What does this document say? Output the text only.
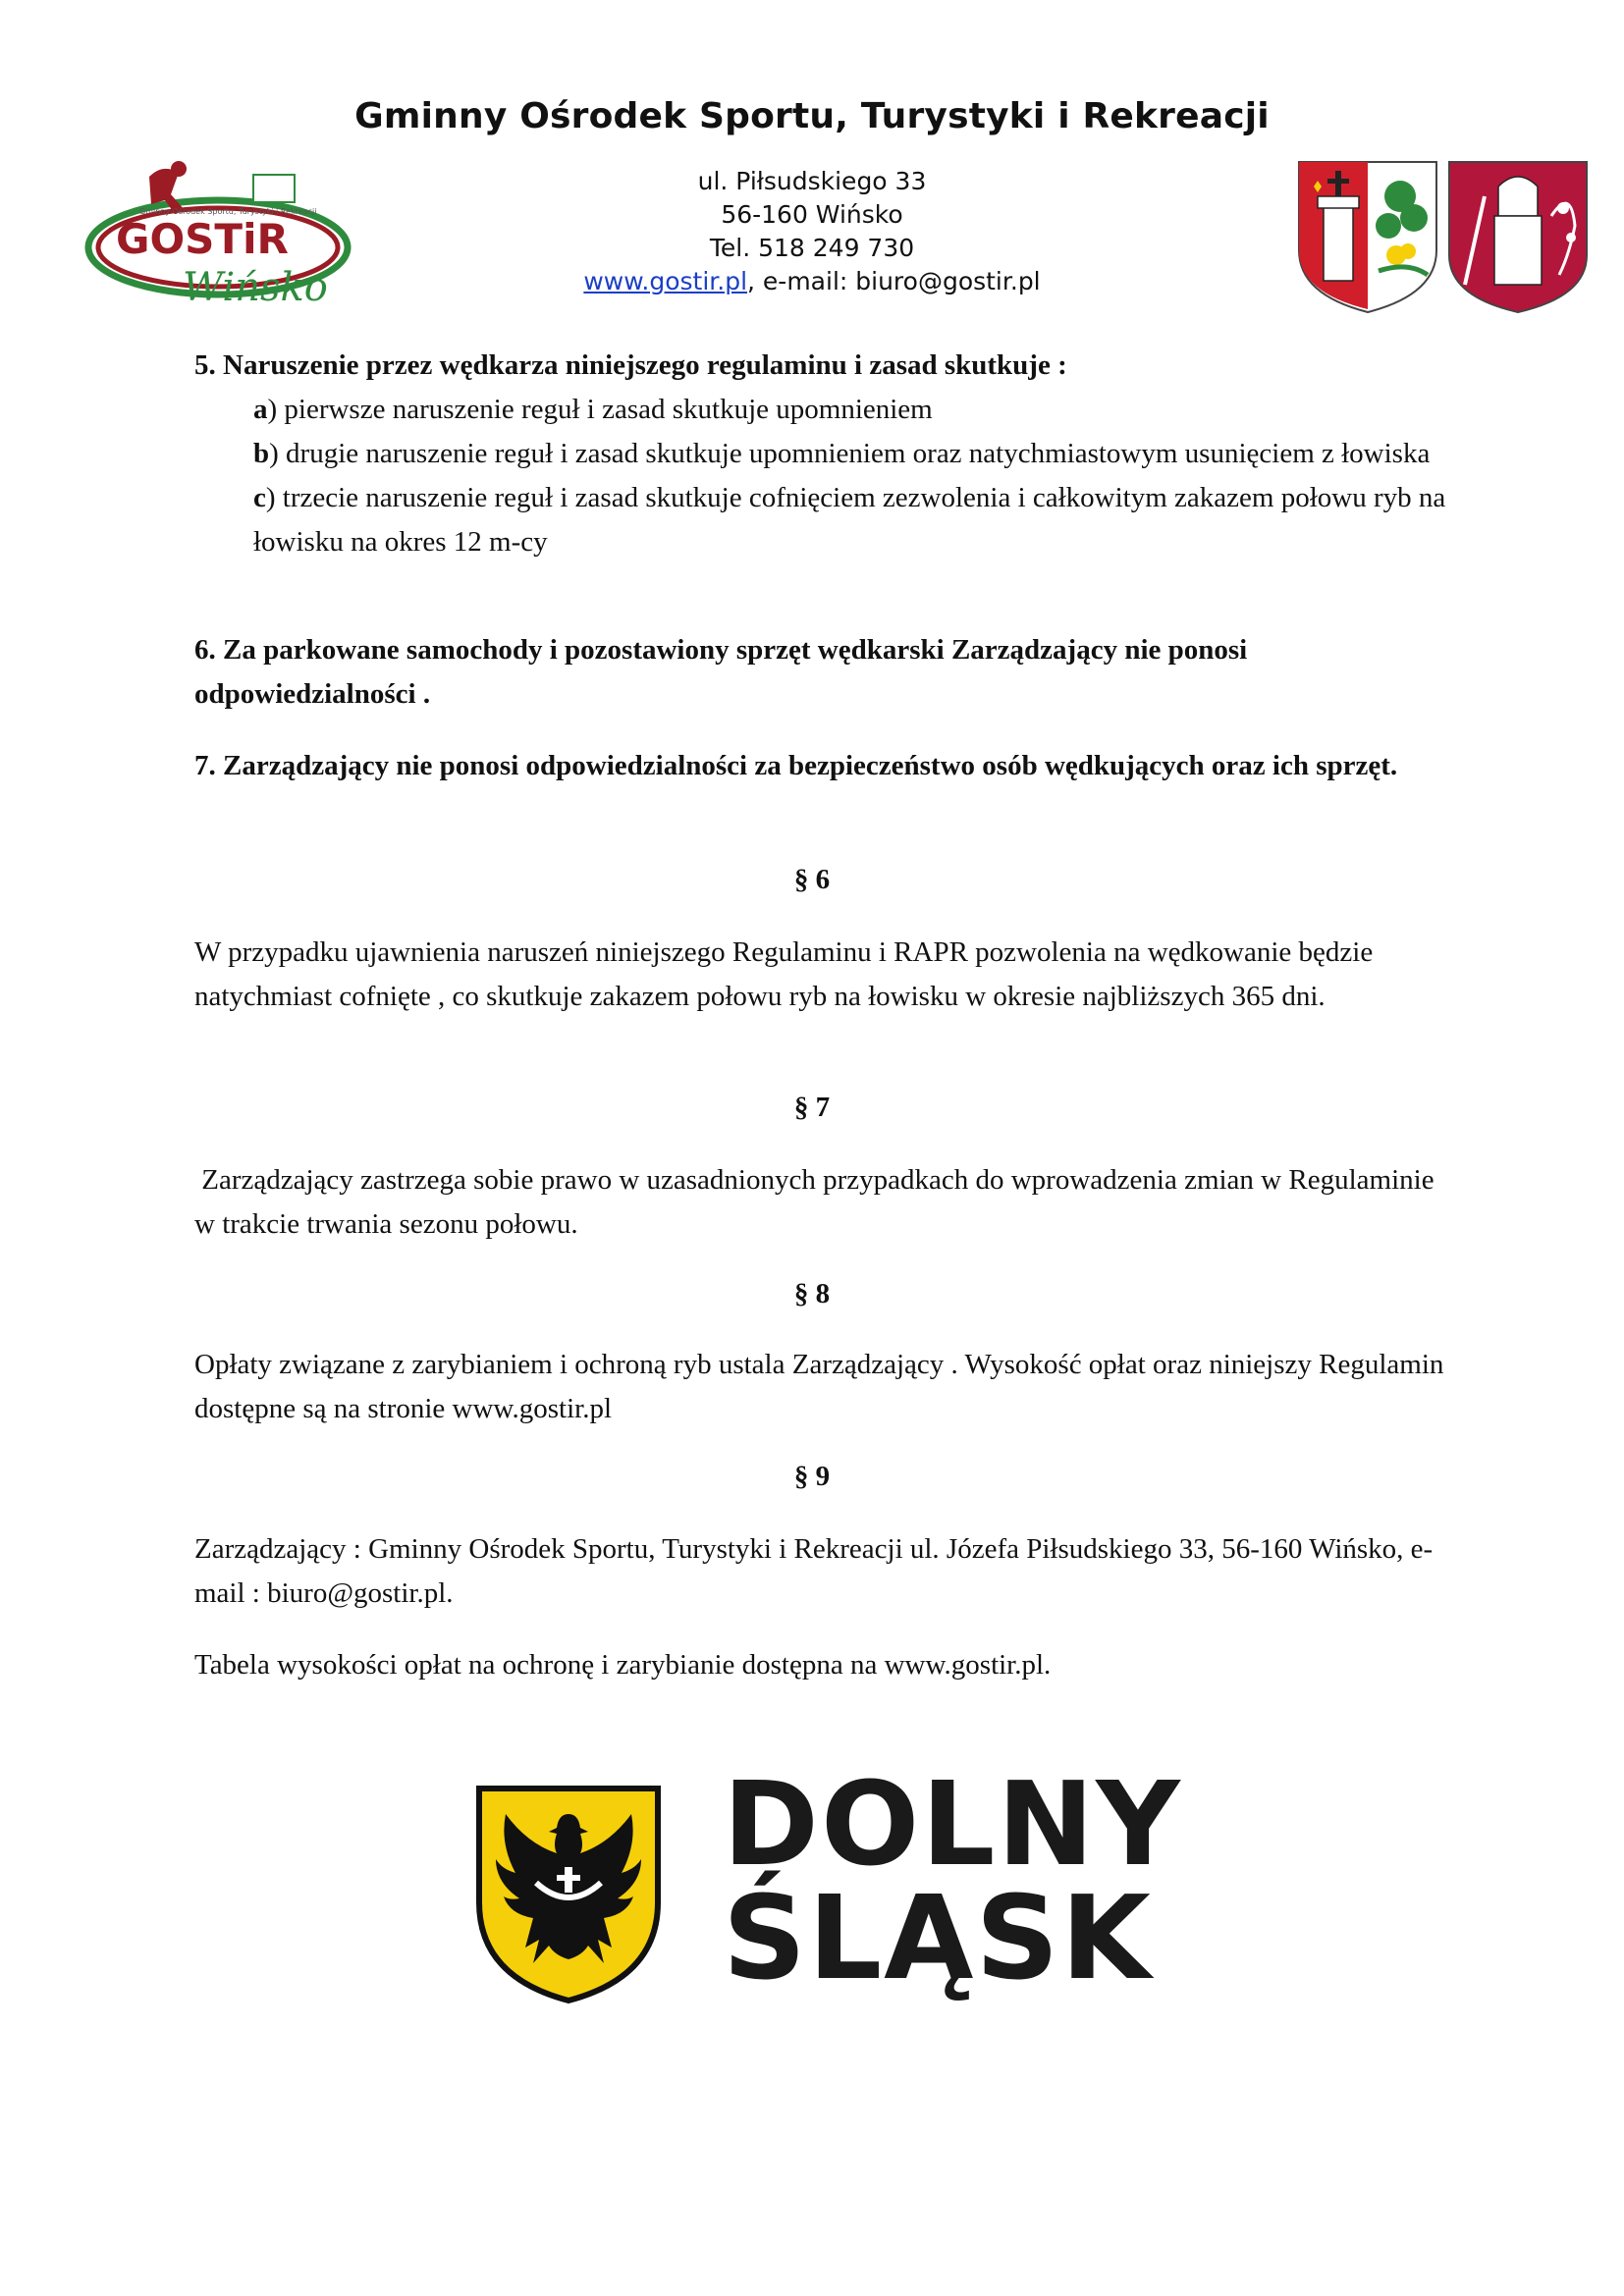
Gminny Ośrodek Sportu, Turystyki i Rekreacji
GOSTiR
Wińsko
Gminny Ośrodek Sportu, Turystyki i Rekreacji
ul. Piłsudskiego 33
56-160 Wińsko
Tel. 518 249 730
www.gostir.pl, e-mail: biuro@gostir.pl
5. Naruszenie przez wędkarza niniejszego regulaminu i zasad skutkuje :
a) pierwsze naruszenie reguł i zasad skutkuje upomnieniem
b) drugie naruszenie reguł i zasad skutkuje upomnieniem oraz natychmiastowym usunięciem z łowiska
c) trzecie naruszenie reguł i zasad skutkuje cofnięciem zezwolenia i całkowitym zakazem połowu ryb na łowisku na okres 12 m-cy
6. Za parkowane samochody i pozostawiony sprzęt wędkarski Zarządzający nie ponosi odpowiedzialności .
7. Zarządzający nie ponosi odpowiedzialności za bezpieczeństwo osób wędkujących oraz ich sprzęt.
§ 6
W przypadku ujawnienia naruszeń niniejszego Regulaminu i RAPR pozwolenia na wędkowanie będzie natychmiast cofnięte , co skutkuje zakazem połowu ryb na łowisku w okresie najbliższych 365 dni.
§ 7
Zarządzający zastrzega sobie prawo w uzasadnionych przypadkach do wprowadzenia zmian w Regulaminie w trakcie trwania sezonu połowu.
§ 8
Opłaty związane z zarybianiem i ochroną ryb ustala Zarządzający . Wysokość opłat oraz niniejszy Regulamin dostępne są na stronie www.gostir.pl
§ 9
Zarządzający : Gminny Ośrodek Sportu, Turystyki i Rekreacji ul. Józefa Piłsudskiego 33, 56-160 Wińsko, e-mail : biuro@gostir.pl.
Tabela wysokości opłat na ochronę i zarybianie dostępna na www.gostir.pl.
DOLNY
ŚLĄSK
